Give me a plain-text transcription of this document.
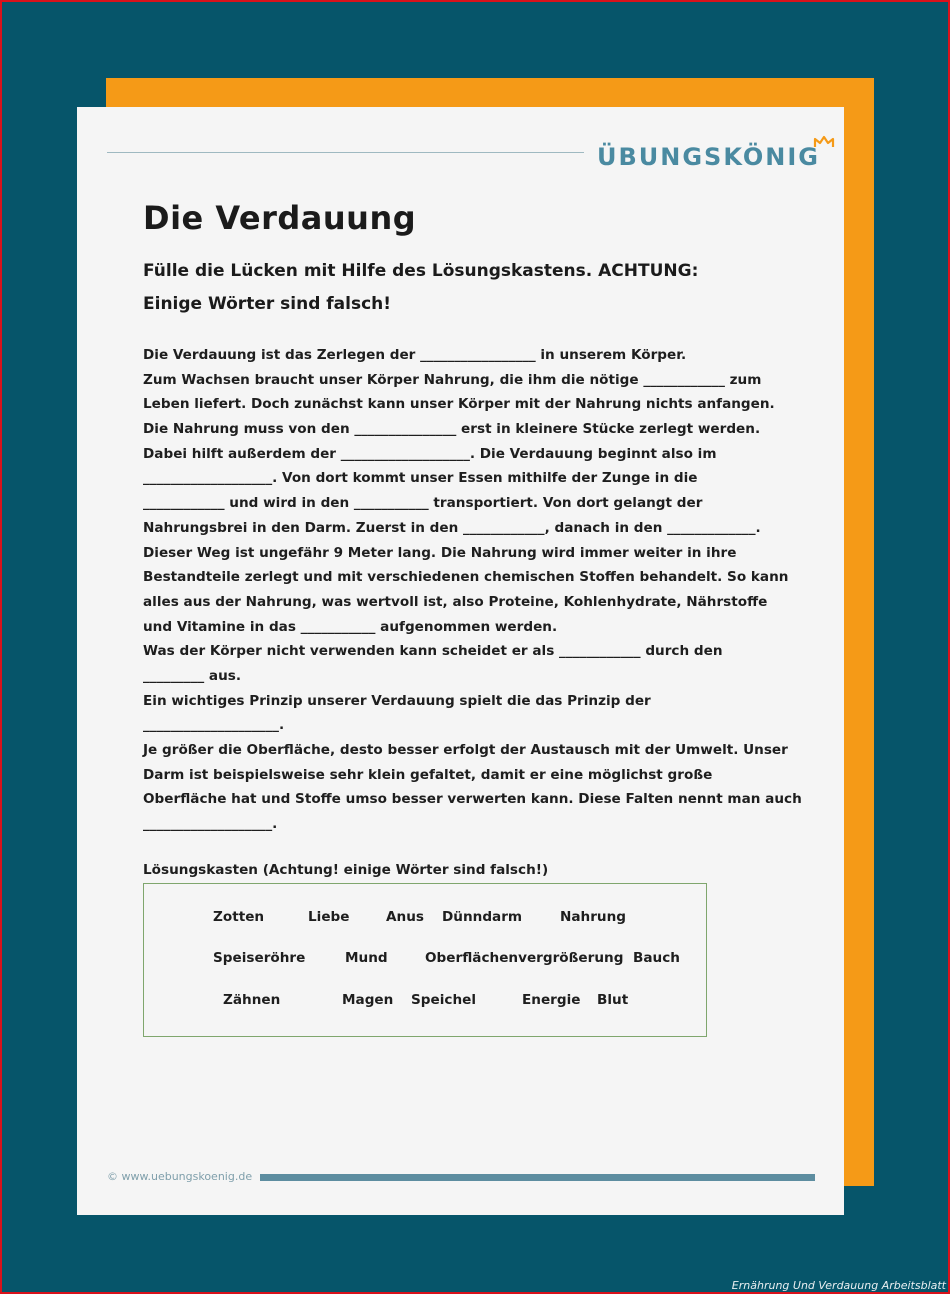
ÜBUNGSKÖNIG
Die Verdauung
Fülle die Lücken mit Hilfe des Lösungskastens. ACHTUNG:
Einige Wörter sind falsch!
Die Verdauung ist das Zerlegen der _________________ in unserem Körper.
Zum Wachsen braucht unser Körper Nahrung, die ihm die nötige ____________ zum
Leben liefert. Doch zunächst kann unser Körper mit der Nahrung nichts anfangen.
Die Nahrung muss von den _______________ erst in kleinere Stücke zerlegt werden.
Dabei hilft außerdem der ___________________. Die Verdauung beginnt also im
___________________. Von dort kommt unser Essen mithilfe der Zunge in die
____________ und wird in den ___________ transportiert. Von dort gelangt der
Nahrungsbrei in den Darm. Zuerst in den ____________, danach in den _____________.
Dieser Weg ist ungefähr 9 Meter lang. Die Nahrung wird immer weiter in ihre
Bestandteile zerlegt und mit verschiedenen chemischen Stoffen behandelt. So kann
alles aus der Nahrung, was wertvoll ist, also Proteine, Kohlenhydrate, Nährstoffe
und Vitamine in das ___________ aufgenommen werden.
Was der Körper nicht verwenden kann scheidet er als ____________ durch den
_________ aus.
Ein wichtiges Prinzip unserer Verdauung spielt die das Prinzip der
____________________.
Je größer die Oberfläche, desto besser erfolgt der Austausch mit der Umwelt. Unser
Darm ist beispielsweise sehr klein gefaltet, damit er eine möglichst große
Oberfläche hat und Stoffe umso besser verwerten kann. Diese Falten nennt man auch
___________________.
Lösungskasten (Achtung! einige Wörter sind falsch!)
Zotten	Liebe	Anus Dünndarm	Nahrung
Speiseröhre	Mund	Oberflächenvergrößerung Bauch
Zähnen	Magen Speichel	Energie Blut
© www.uebungskoenig.de
Ernährung Und Verdauung Arbeitsblatt
